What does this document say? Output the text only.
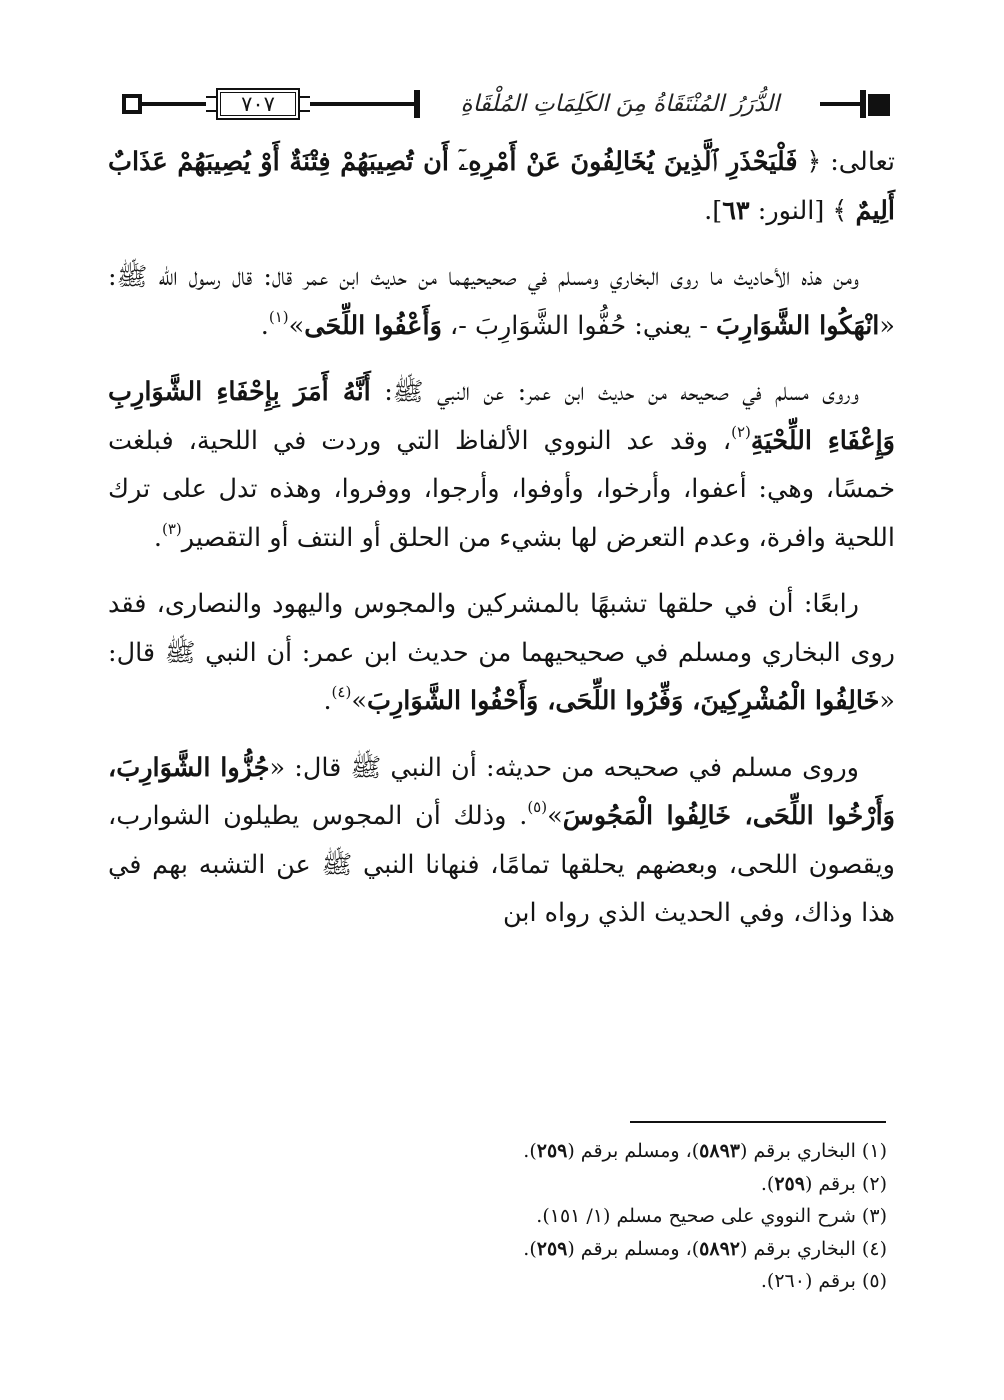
٧٠٧	الدُّرَرُ المُنْتَقَاةُ مِنَ الكَلِمَاتِ المُلْقَاةِ

تعالى: ﴿ فَلْيَحْذَرِ ٱلَّذِينَ يُخَالِفُونَ عَنْ أَمْرِهِۦٓ أَن تُصِيبَهُمْ فِتْنَةٌ أَوْ يُصِيبَهُمْ عَذَابٌ أَلِيمٌ ﴾ [النور: ٦٣].

ومن هذه الأحاديث ما روى البخاري ومسلم في صحيحيهما من حديث ابن عمر قال: قال رسول الله ﷺ: «انْهَكُوا الشَّوَارِبَ - يعني: حُفُّوا الشَّوَارِبَ -، وَأَعْفُوا اللِّحَى»$^{(١)}$.

وروى مسلم في صحيحه من حديث ابن عمر: عن النبي ﷺ: أَنَّهُ أَمَرَ بِإِحْفَاءِ الشَّوَارِبِ وَإِعْفَاءِ اللِّحْيَةِ$^{(٢)}$، وقد عد النووي الألفاظ التي وردت في اللحية، فبلغت خمسًا، وهي: أعفوا، وأرخوا، وأوفوا، وأرجوا، ووفروا، وهذه تدل على ترك اللحية وافرة، وعدم التعرض لها بشيء من الحلق أو النتف أو التقصير$^{(٣)}$.

رابعًا: أن في حلقها تشبهًا بالمشركين والمجوس واليهود والنصارى، فقد روى البخاري ومسلم في صحيحيهما من حديث ابن عمر: أن النبي ﷺ قال: «خَالِفُوا الْمُشْرِكِينَ، وَفِّرُوا اللِّحَى، وَأَحْفُوا الشَّوَارِبَ»$^{(٤)}$.

وروى مسلم في صحيحه من حديثه: أن النبي ﷺ قال: «جُزُّوا الشَّوَارِبَ، وَأَرْخُوا اللِّحَى، خَالِفُوا الْمَجُوسَ»$^{(٥)}$. وذلك أن المجوس يطيلون الشوارب، ويقصون اللحى، وبعضهم يحلقها تمامًا، فنهانا النبي ﷺ عن التشبه بهم في هذا وذاك، وفي الحديث الذي رواه ابن

(١) البخاري برقم (٥٨٩٣)، ومسلم برقم (٢٥٩).
(٢) برقم (٢٥٩).
(٣) شرح النووي على صحيح مسلم (١/ ١٥١).
(٤) البخاري برقم (٥٨٩٢)، ومسلم برقم (٢٥٩).
(٥) برقم (٢٦٠).
